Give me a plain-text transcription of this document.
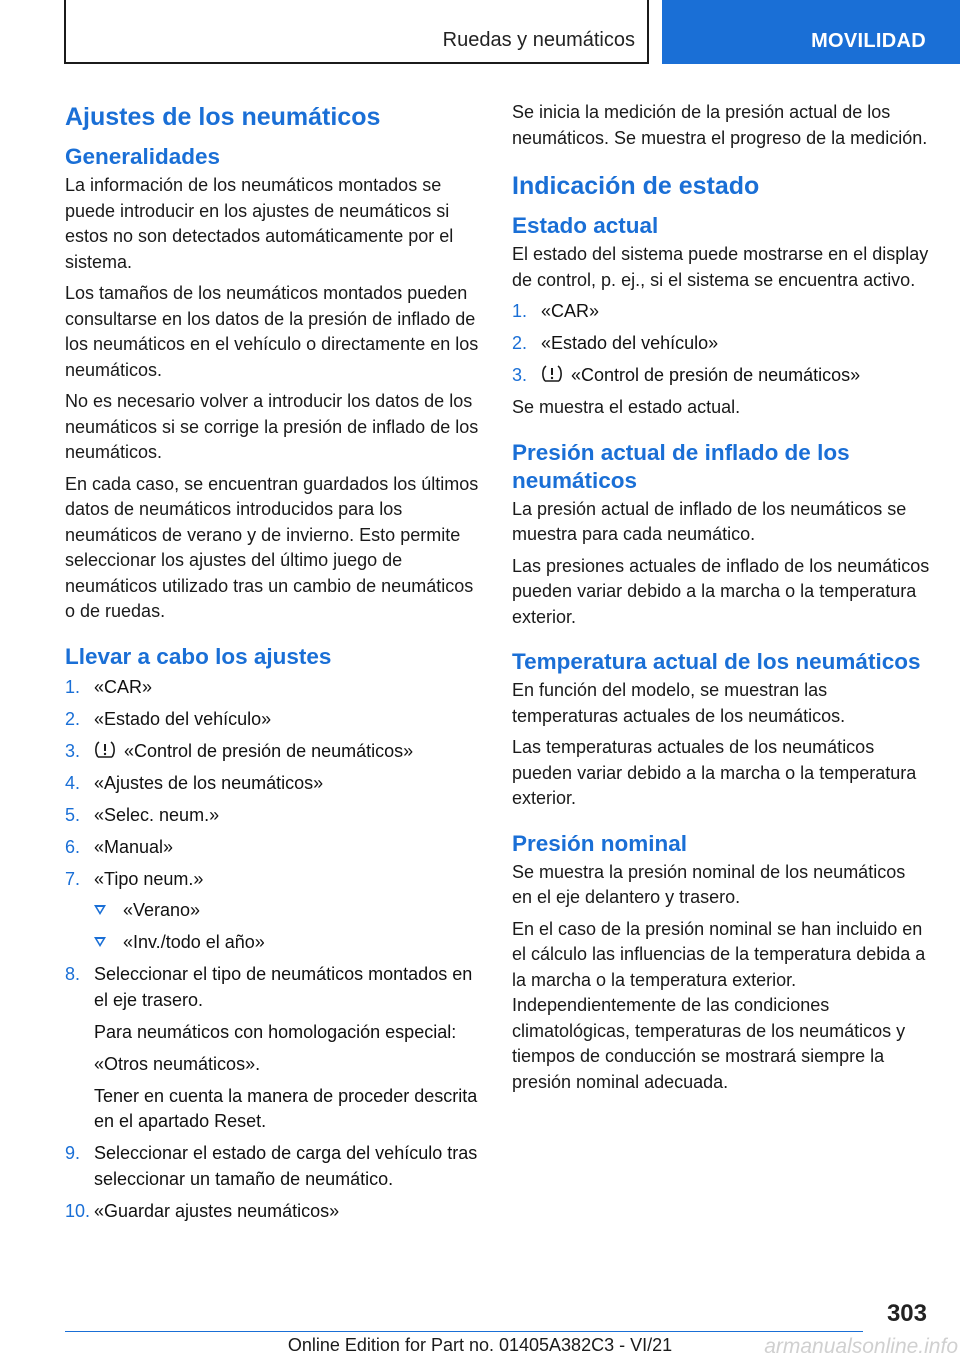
Ruedas y neumáticos	MOVILIDAD
Ajustes de los neumáticos
Generalidades

La información de los neumáticos montados se puede introducir en los ajustes de neumáticos si estos no son detectados automáticamente por el sistema.

Los tamaños de los neumáticos montados pueden consultarse en los datos de la presión de inflado de los neumáticos en el vehículo o directamente en los neumáticos.

No es necesario volver a introducir los datos de los neumáticos si se corrige la presión de inflado de los neumáticos.

En cada caso, se encuentran guardados los últimos datos de neumáticos introducidos para los neumáticos de verano y de invierno. Esto permite seleccionar los ajustes del último juego de neumáticos utilizado tras un cambio de neumáticos o de ruedas.

Llevar a cabo los ajustes
1. «CAR»
2. «Estado del vehículo»
3. «Control de presión de neumáticos»
4. «Ajustes de los neumáticos»
5. «Selec. neum.»
6. «Manual»
7. «Tipo neum.»
«Verano»
«Inv./todo el año»
8. Seleccionar el tipo de neumáticos montados en el eje trasero.

Para neumáticos con homologación especial:

«Otros neumáticos».

Tener en cuenta la manera de proceder descrita en el apartado Reset.

9. Seleccionar el estado de carga del vehículo tras seleccionar un tamaño de neumático.
10. «Guardar ajustes neumáticos»

Se inicia la medición de la presión actual de los neumáticos. Se muestra el progreso de la medición.

Indicación de estado
Estado actual

El estado del sistema puede mostrarse en el display de control, p. ej., si el sistema se encuentra activo.

1. «CAR»
2. «Estado del vehículo»
3. «Control de presión de neumáticos»

Se muestra el estado actual.

Presión actual de inflado de los neumáticos

La presión actual de inflado de los neumáticos se muestra para cada neumático.

Las presiones actuales de inflado de los neumáticos pueden variar debido a la marcha o la temperatura exterior.

Temperatura actual de los neumáticos

En función del modelo, se muestran las temperaturas actuales de los neumáticos.

Las temperaturas actuales de los neumáticos pueden variar debido a la marcha o la temperatura exterior.

Presión nominal

Se muestra la presión nominal de los neumáticos en el eje delantero y trasero.

En el caso de la presión nominal se han incluido en el cálculo las influencias de la temperatura debida a la marcha o la temperatura exterior. Independientemente de las condiciones climatológicas, temperaturas de los neumáticos y tiempos de conducción se mostrará siempre la presión nominal adecuada.

303
Online Edition for Part no. 01405A382C3 - VI/21	armanualsonline.info
